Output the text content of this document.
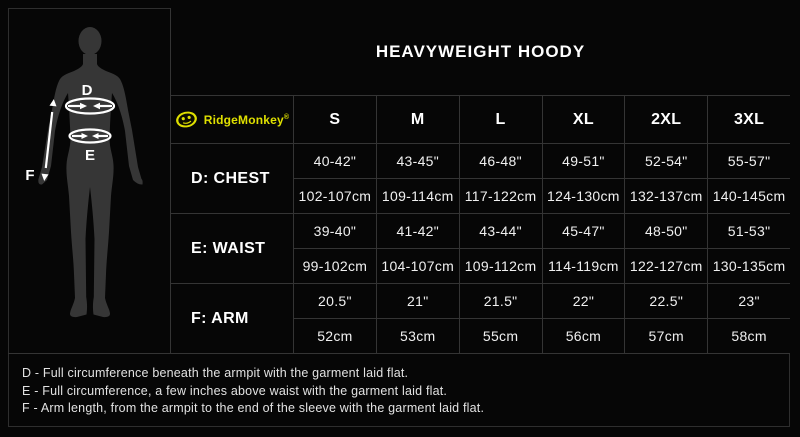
D
E
F
HEAVYWEIGHT HOODY
RidgeMonkey®	S	M	L	XL	2XL	3XL
D: CHEST
40-42"	43-45"	46-48"	49-51"	52-54"	55-57"
102-107cm 109-114cm 117-122cm 124-130cm 132-137cm 140-145cm
E: WAIST
39-40"	41-42"	43-44"	45-47"	48-50"	51-53"
99-102cm	104-107cm 109-112cm 114-119cm 122-127cm 130-135cm
F: ARM
20.5"	21"	21.5"	22"	22.5"	23"
52cm	53cm	55cm	56cm	57cm	58cm
D - Full circumference beneath the armpit with the garment laid flat.
E - Full circumference, a few inches above waist with the garment laid flat.
F - Arm length, from the armpit to the end of the sleeve with the garment laid flat.
